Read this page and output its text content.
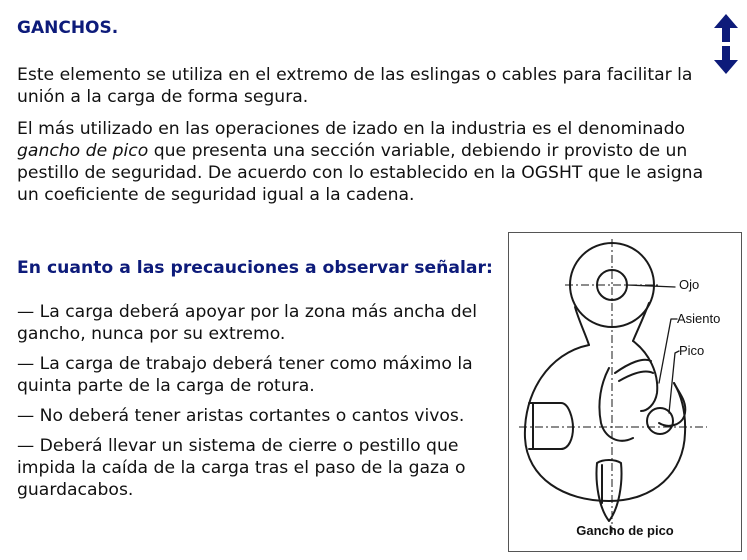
GANCHOS.

Este elemento se utiliza en el extremo de las eslingas o cables para facilitar la unión a la carga de forma segura.

El más utilizado en las operaciones de izado en la industria es el denominado gancho de pico que presenta una sección variable, debiendo ir provisto de un pestillo de seguridad. De acuerdo con lo establecido en la OGSHT que le asigna un coeficiente de seguridad igual a la cadena.

En cuanto a las precauciones a observar señalar:
— La carga deberá apoyar por la zona más ancha del gancho, nunca por su extremo.
— La carga de trabajo deberá tener como máximo la quinta parte de la carga de rotura.
— No deberá tener aristas cortantes o cantos vivos.
— Deberá llevar un sistema de cierre o pestillo que impida la caída de la carga tras el paso de la gaza o guardacabos.

Ojo

Asiento

Pico

Gancho de pico
